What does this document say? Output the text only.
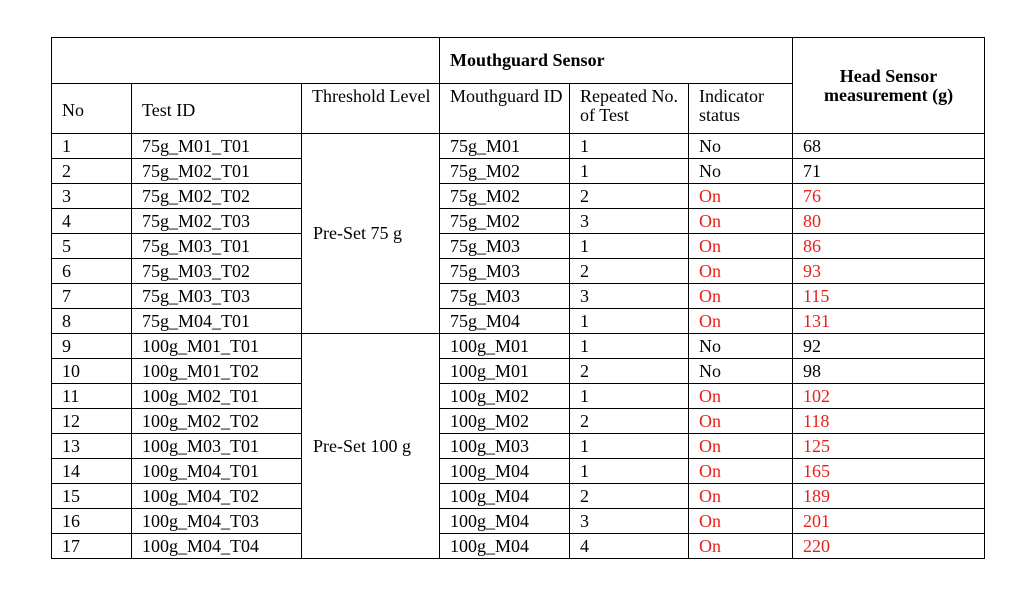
			Mouthguard Sensor			Head Sensor measurement (g)
No	Test ID	Threshold Level	Mouthguard ID	Repeated No. of Test	Indicator status	
1	75g_M01_T01	Pre-Set 75 g	75g_M01	1	No	68
2	75g_M02_T01		75g_M02	1	No	71
3	75g_M02_T02		75g_M02	2	On	76
4	75g_M02_T03		75g_M02	3	On	80
5	75g_M03_T01		75g_M03	1	On	86
6	75g_M03_T02		75g_M03	2	On	93
7	75g_M03_T03		75g_M03	3	On	115
8	75g_M04_T01		75g_M04	1	On	131
9	100g_M01_T01	Pre-Set 100 g	100g_M01	1	No	92
10	100g_M01_T02		100g_M01	2	No	98
11	100g_M02_T01		100g_M02	1	On	102
12	100g_M02_T02		100g_M02	2	On	118
13	100g_M03_T01		100g_M03	1	On	125
14	100g_M04_T01		100g_M04	1	On	165
15	100g_M04_T02		100g_M04	2	On	189
16	100g_M04_T03		100g_M04	3	On	201
17	100g_M04_T04		100g_M04	4	On	220
